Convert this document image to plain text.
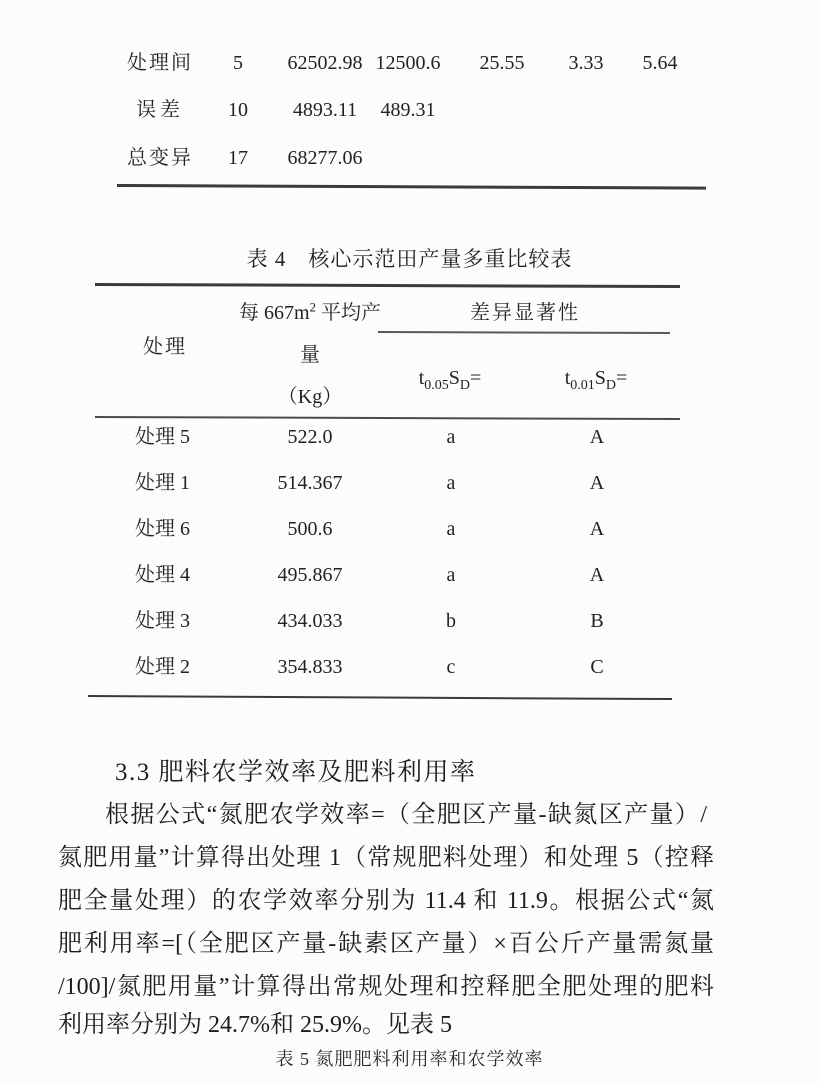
处理间	5	62502.98 12500.6	25.55	3.33	5.64
误差	10	4893.11	489.31
总变异	17	68277.06
表 4　核心示范田产量多重比较表
处理
每 $667m^2$ 平均产
量
（Kg）
差异显著性
$t_{0.05}S_D=$	$t_{0.01}S_D=$
处理 5	522.0	a	A
处理 1	514.367	a	A
处理 6	500.6	a	A
处理 4	495.867	a	A
处理 3	434.033	b	B
处理 2	354.833	c	C
3.3 肥料农学效率及肥料利用率
根据公式“氮肥农学效率=（全肥区产量-缺氮区产量）/
氮肥用量”计算得出处理 1（常规肥料处理）和处理 5（控释
肥全量处理）的农学效率分别为 11.4 和 11.9。根据公式“氮
肥利用率=[（全肥区产量-缺素区产量）×百公斤产量需氮量
/100]/氮肥用量”计算得出常规处理和控释肥全肥处理的肥料
利用率分别为 24.7%和 25.9%。见表 5
表 5 氮肥肥料利用率和农学效率
